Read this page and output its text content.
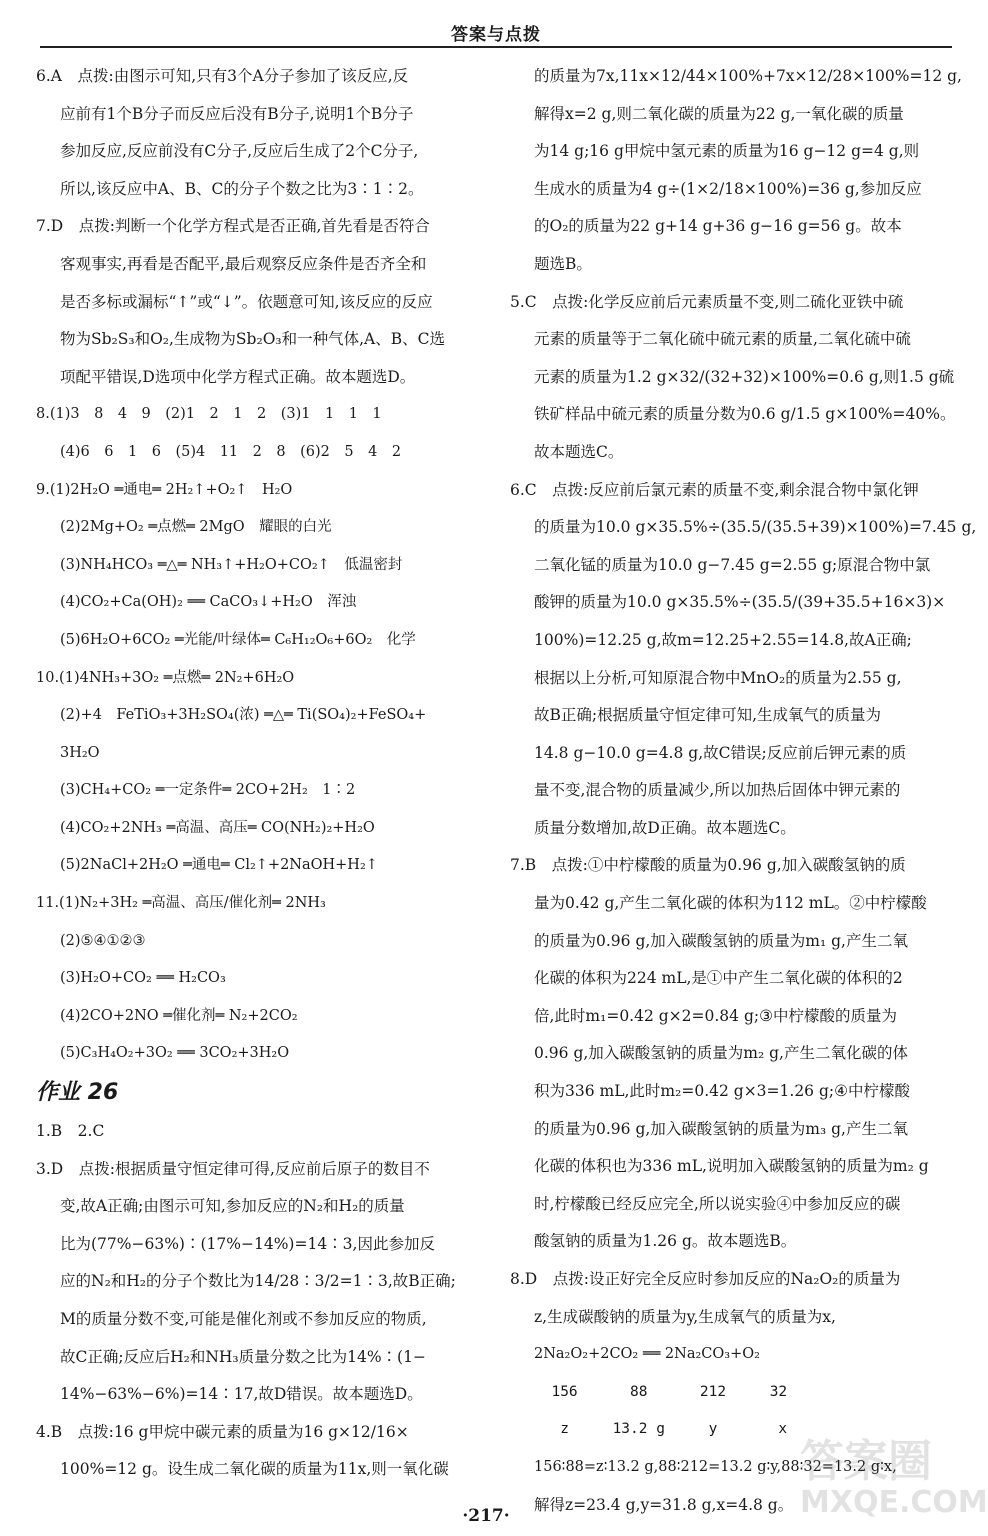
答案与点拨

6.A　点拨:由图示可知,只有3个A分子参加了该反应,反

应前有1个B分子而反应后没有B分子,说明1个B分子

参加反应,反应前没有C分子,反应后生成了2个C分子,

所以,该反应中A、B、C的分子个数之比为3∶1∶2。

7.D　点拨:判断一个化学方程式是否正确,首先看是否符合

客观事实,再看是否配平,最后观察反应条件是否齐全和

是否多标或漏标“↑”或“↓”。依题意可知,该反应的反应

物为Sb₂S₃和O₂,生成物为Sb₂O₃和一种气体,A、B、C选

项配平错误,D选项中化学方程式正确。故本题选D。

8.(1)3　8　4　9　(2)1　2　1　2　(3)1　1　1　1

(4)6　6　1　6　(5)4　11　2　8　(6)2　5　4　2

9.(1)2H₂O ═通电═ 2H₂↑+O₂↑　H₂O

(2)2Mg+O₂ ═点燃═ 2MgO　耀眼的白光

(3)NH₄HCO₃ ═△═ NH₃↑+H₂O+CO₂↑　低温密封

(4)CO₂+Ca(OH)₂ ══ CaCO₃↓+H₂O　浑浊

(5)6H₂O+6CO₂ ═光能/叶绿体═ C₆H₁₂O₆+6O₂　化学

10.(1)4NH₃+3O₂ ═点燃═ 2N₂+6H₂O

(2)+4　FeTiO₃+3H₂SO₄(浓) ═△═ Ti(SO₄)₂+FeSO₄+

3H₂O

(3)CH₄+CO₂ ═一定条件═ 2CO+2H₂　1∶2

(4)CO₂+2NH₃ ═高温、高压═ CO(NH₂)₂+H₂O

(5)2NaCl+2H₂O ═通电═ Cl₂↑+2NaOH+H₂↑

11.(1)N₂+3H₂ ═高温、高压/催化剂═ 2NH₃

(2)⑤④①②③

(3)H₂O+CO₂ ══ H₂CO₃

(4)2CO+2NO ═催化剂═ N₂+2CO₂

(5)C₃H₄O₂+3O₂ ══ 3CO₂+3H₂O

作业 26

1.B　2.C

3.D　点拨:根据质量守恒定律可得,反应前后原子的数目不

变,故A正确;由图示可知,参加反应的N₂和H₂的质量

比为(77%−63%)∶(17%−14%)=14∶3,因此参加反

应的N₂和H₂的分子个数比为14/28∶3/2=1∶3,故B正确;

M的质量分数不变,可能是催化剂或不参加反应的物质,

故C正确;反应后H₂和NH₃质量分数之比为14%∶(1−

14%−63%−6%)=14∶17,故D错误。故本题选D。

4.B　点拨:16 g甲烷中碳元素的质量为16 g×12/16×

100%=12 g。设生成二氧化碳的质量为11x,则一氧化碳

的质量为7x,11x×12/44×100%+7x×12/28×100%=12 g,

解得x=2 g,则二氧化碳的质量为22 g,一氧化碳的质量

为14 g;16 g甲烷中氢元素的质量为16 g−12 g=4 g,则

生成水的质量为4 g÷(1×2/18×100%)=36 g,参加反应

的O₂的质量为22 g+14 g+36 g−16 g=56 g。故本

题选B。

5.C　点拨:化学反应前后元素质量不变,则二硫化亚铁中硫

元素的质量等于二氧化硫中硫元素的质量,二氧化硫中硫

元素的质量为1.2 g×32/(32+32)×100%=0.6 g,则1.5 g硫

铁矿样品中硫元素的质量分数为0.6 g/1.5 g×100%=40%。

故本题选C。

6.C　点拨:反应前后氯元素的质量不变,剩余混合物中氯化钾

的质量为10.0 g×35.5%÷(35.5/(35.5+39)×100%)=7.45 g,

二氧化锰的质量为10.0 g−7.45 g=2.55 g;原混合物中氯

酸钾的质量为10.0 g×35.5%÷(35.5/(39+35.5+16×3)×

100%)=12.25 g,故m=12.25+2.55=14.8,故A正确;

根据以上分析,可知原混合物中MnO₂的质量为2.55 g,

故B正确;根据质量守恒定律可知,生成氧气的质量为

14.8 g−10.0 g=4.8 g,故C错误;反应前后钾元素的质

量不变,混合物的质量减少,所以加热后固体中钾元素的

质量分数增加,故D正确。故本题选C。

7.B　点拨:①中柠檬酸的质量为0.96 g,加入碳酸氢钠的质

量为0.42 g,产生二氧化碳的体积为112 mL。②中柠檬酸

的质量为0.96 g,加入碳酸氢钠的质量为m₁ g,产生二氧

化碳的体积为224 mL,是①中产生二氧化碳的体积的2

倍,此时m₁=0.42 g×2=0.84 g;③中柠檬酸的质量为

0.96 g,加入碳酸氢钠的质量为m₂ g,产生二氧化碳的体

积为336 mL,此时m₂=0.42 g×3=1.26 g;④中柠檬酸

的质量为0.96 g,加入碳酸氢钠的质量为m₃ g,产生二氧

化碳的体积也为336 mL,说明加入碳酸氢钠的质量为m₂ g

时,柠檬酸已经反应完全,所以说实验④中参加反应的碳

酸氢钠的质量为1.26 g。故本题选B。

8.D　点拨:设正好完全反应时参加反应的Na₂O₂的质量为

z,生成碳酸钠的质量为y,生成氧气的质量为x,

2Na₂O₂+2CO₂ ══ 2Na₂CO₃+O₂

156      88      212     32

z     13.2 g     y       x

156∶88=z∶13.2 g,88∶212=13.2 g∶y,88∶32=13.2 g∶x,

解得z=23.4 g,y=31.8 g,x=4.8 g。

·217·
答案圈
MXQE.COM
